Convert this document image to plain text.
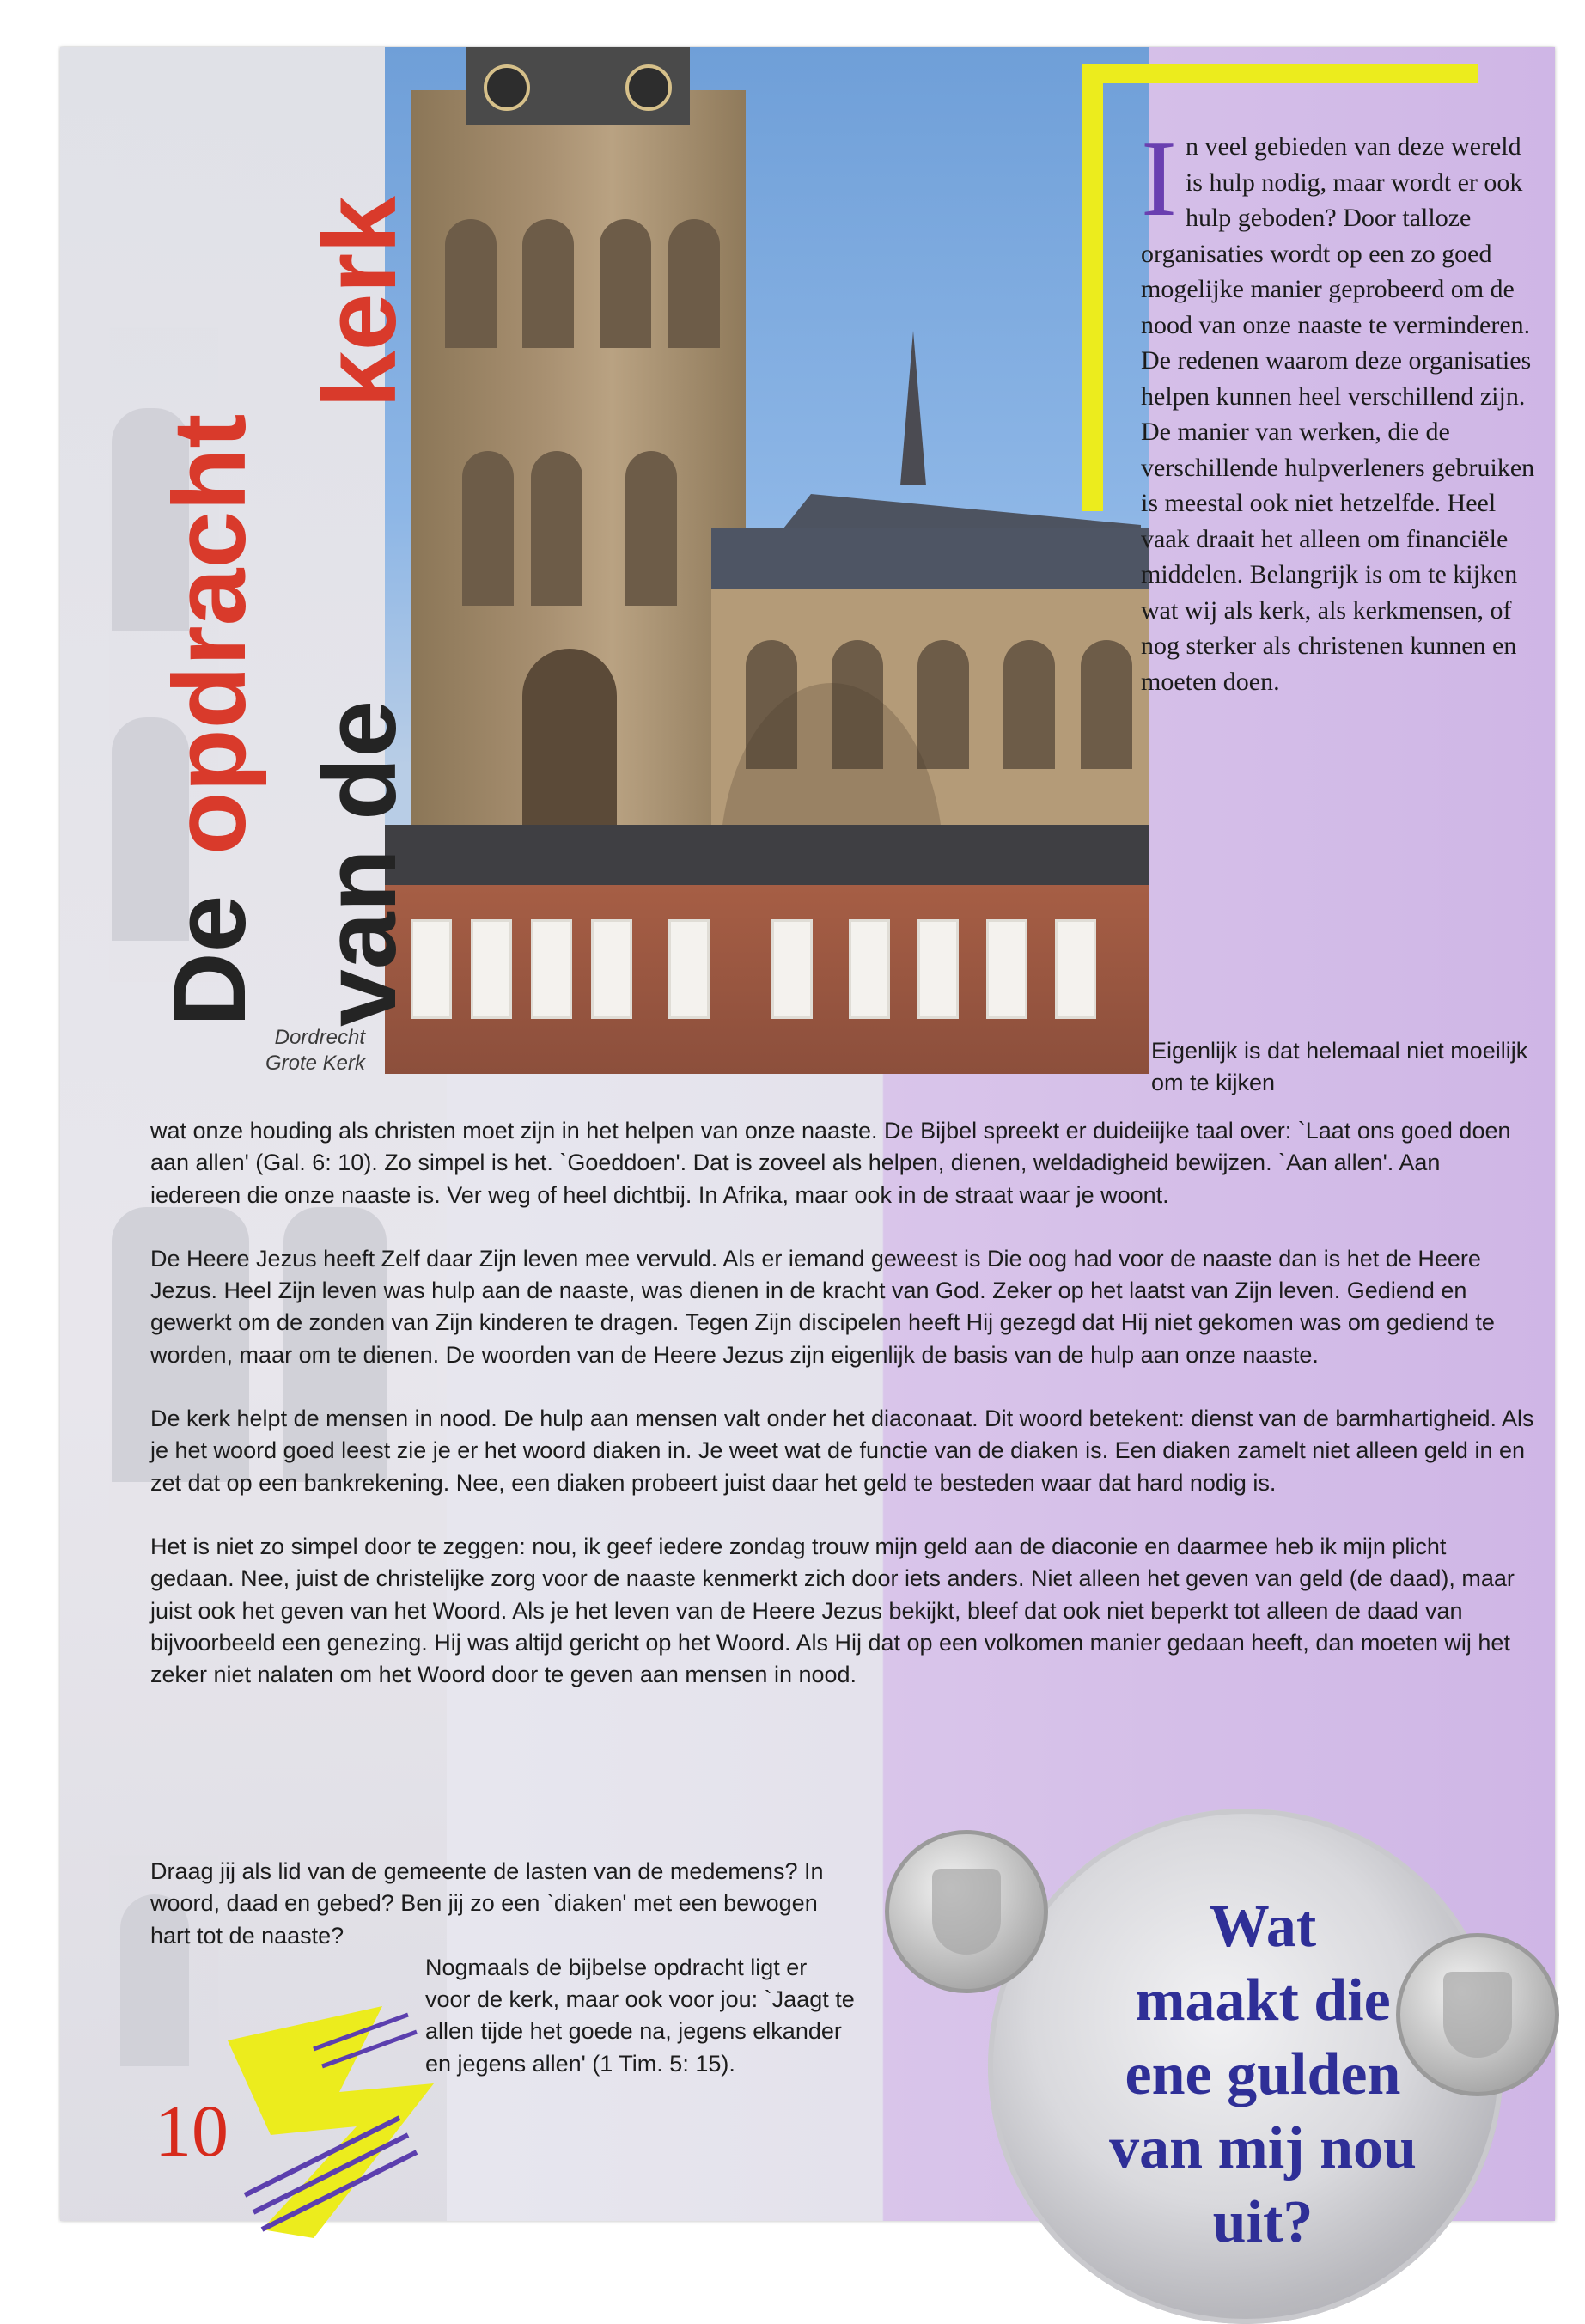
De
opdracht
van de
kerk
Dordrecht
Grote Kerk
In veel gebieden van deze wereld is hulp nodig, maar wordt er ook hulp geboden? Door talloze organisaties wordt op een zo goed mogelijke manier geprobeerd om de nood van onze naaste te verminderen. De redenen waarom deze organisaties helpen kunnen heel verschillend zijn. De manier van werken, die de verschillende hulpverleners gebruiken is meestal ook niet hetzelfde. Heel vaak draait het alleen om financiële middelen. Belangrijk is om te kijken wat wij als kerk, als kerkmensen, of nog sterker als christenen kunnen en moeten doen.
Eigenlijk is dat helemaal niet moeilijk om te kijken

wat onze houding als christen moet zijn in het helpen van onze naaste. De Bijbel spreekt er duideiijke taal over: `Laat ons goed doen aan allen' (Gal. 6: 10). Zo simpel is het. `Goeddoen'. Dat is zoveel als helpen, dienen, weldadigheid bewijzen. `Aan allen'. Aan iedereen die onze naaste is. Ver weg of heel dichtbij. In Afrika, maar ook in de straat waar je woont.

De Heere Jezus heeft Zelf daar Zijn leven mee vervuld. Als er iemand geweest is Die oog had voor de naaste dan is het de Heere Jezus. Heel Zijn leven was hulp aan de naaste, was dienen in de kracht van God. Zeker op het laatst van Zijn leven. Gediend en gewerkt om de zonden van Zijn kinderen te dragen. Tegen Zijn discipelen heeft Hij gezegd dat Hij niet gekomen was om gediend te worden, maar om te dienen. De woorden van de Heere Jezus zijn eigenlijk de basis van de hulp aan onze naaste.

De kerk helpt de mensen in nood. De hulp aan mensen valt onder het diaconaat. Dit woord betekent: dienst van de barmhartigheid. Als je het woord goed leest zie je er het woord diaken in. Je weet wat de functie van de diaken is. Een diaken zamelt niet alleen geld in en zet dat op een bankrekening. Nee, een diaken probeert juist daar het geld te besteden waar dat hard nodig is.

Het is niet zo simpel door te zeggen: nou, ik geef iedere zondag trouw mijn geld aan de diaconie en daarmee heb ik mijn plicht gedaan. Nee, juist de christelijke zorg voor de naaste kenmerkt zich door iets anders. Niet alleen het geven van geld (de daad), maar juist ook het geven van het Woord. Als je het leven van de Heere Jezus bekijkt, bleef dat ook niet beperkt tot alleen de daad van bijvoorbeeld een genezing. Hij was altijd gericht op het Woord. Als Hij dat op een volkomen manier gedaan heeft, dan moeten wij het zeker niet nalaten om het Woord door te geven aan mensen in nood.

Draag jij als lid van de gemeente de lasten van de medemens? In woord, daad en gebed? Ben jij zo een `diaken' met een bewogen hart tot de naaste?
Nogmaals de bijbelse opdracht ligt er voor de kerk, maar ook voor jou: `Jaagt te allen tijde het goede na, jegens elkander en jegens allen' (1 Tim. 5: 15).
10
Wat
maakt die
ene gulden
van mij nou
uit?
